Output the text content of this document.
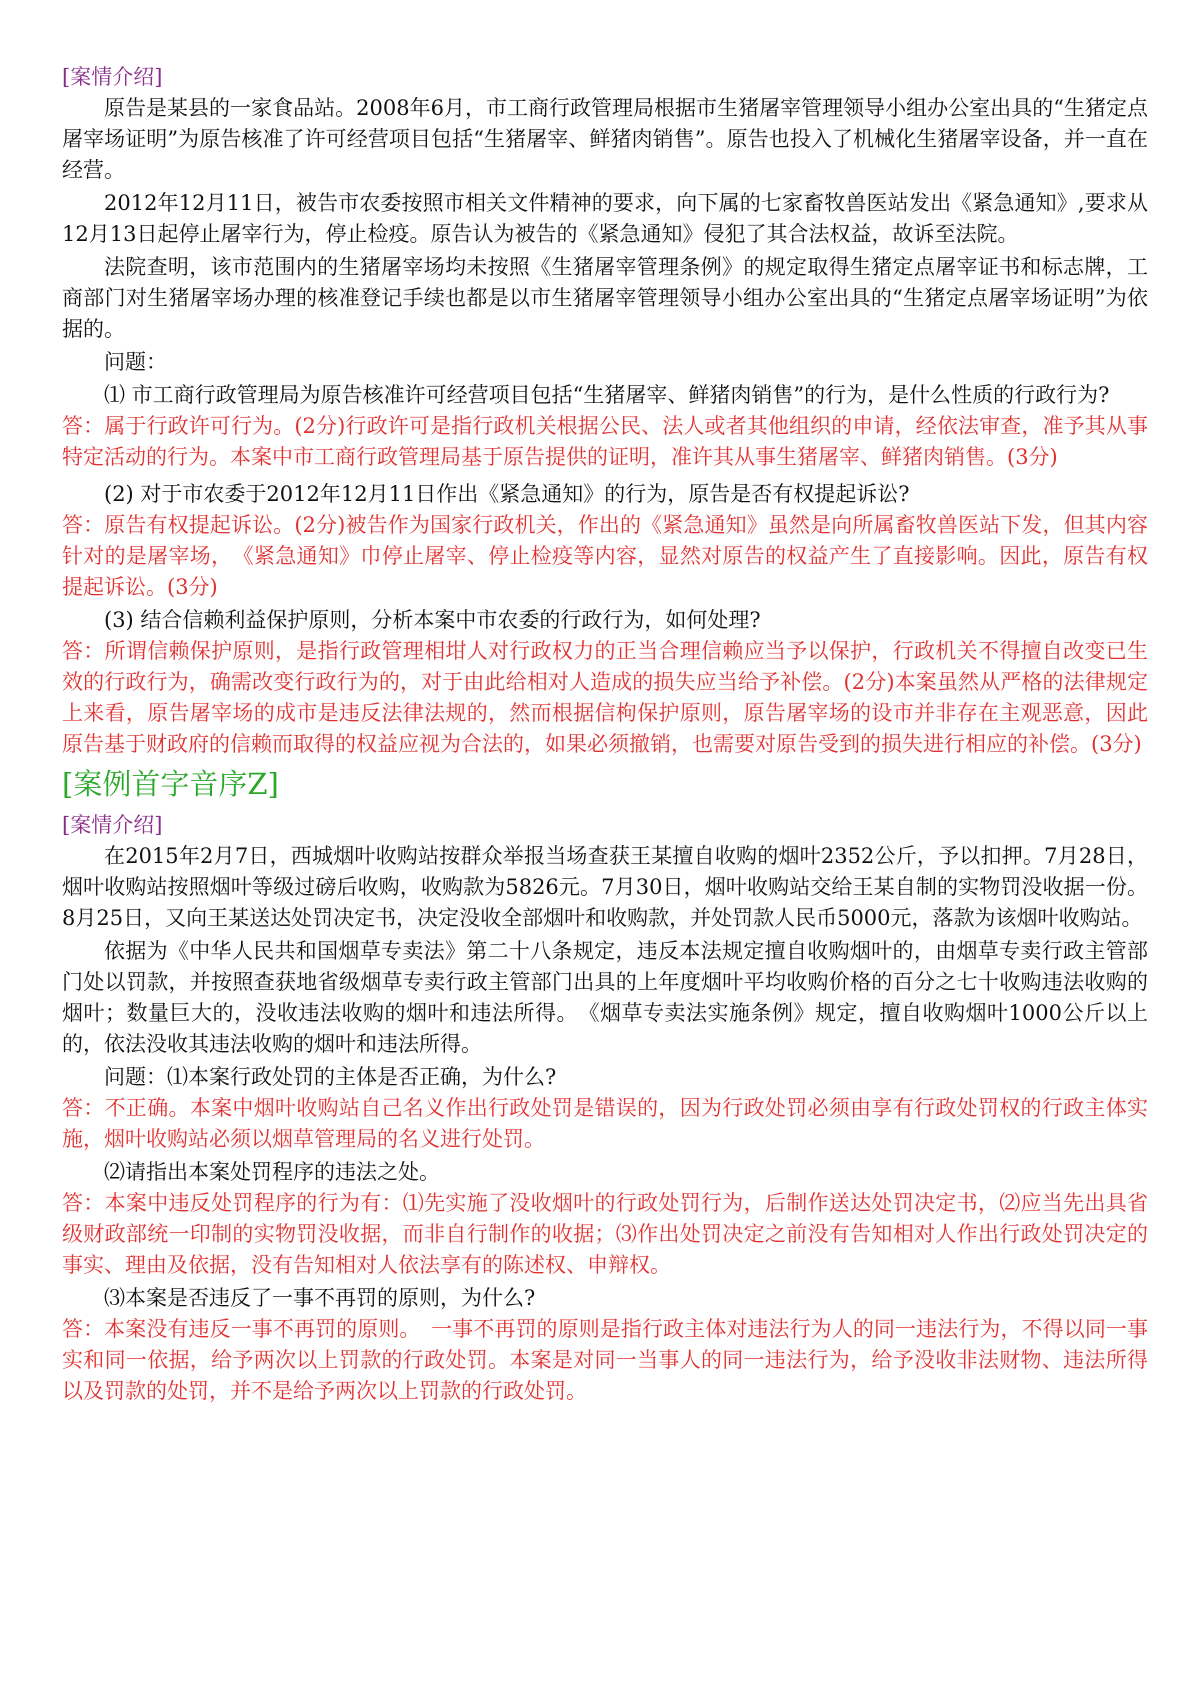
[案情介绍]

原告是某县的一家食品站。2008年6月，市工商行政管理局根据市生猪屠宰管理领导小组办公室出具的“生猪定点屠宰场证明”为原告核准了许可经营项目包括“生猪屠宰、鲜猪肉销售”。原告也投入了机械化生猪屠宰设备，并一直在经营。

2012年12月11日，被告市农委按照市相关文件精神的要求，向下属的七家畜牧兽医站发出《紧急通知》,要求从12月13日起停止屠宰行为，停止检疫。原告认为被告的《紧急通知》侵犯了其合法权益，故诉至法院。

法院查明，该市范围内的生猪屠宰场均未按照《生猪屠宰管理条例》的规定取得生猪定点屠宰证书和标志牌，工商部门对生猪屠宰场办理的核准登记手续也都是以市生猪屠宰管理领导小组办公室出具的“生猪定点屠宰场证明”为依据的。

问题：

⑴ 市工商行政管理局为原告核准许可经营项目包括“生猪屠宰、鲜猪肉销售”的行为，是什么性质的行政行为?

答：属于行政许可行为。(2分)行政许可是指行政机关根据公民、法人或者其他组织的申请，经依法审查，准予其从事特定活动的行为。本案中市工商行政管理局基于原告提供的证明，准许其从事生猪屠宰、鲜猪肉销售。(3分)

(2) 对于市农委于2012年12月11日作出《紧急通知》的行为，原告是否有权提起诉讼?

答：原告有权提起诉讼。(2分)被告作为国家行政机关，作出的《紧急通知》虽然是向所属畜牧兽医站下发，但其内容针对的是屠宰场，　《紧急通知》巾停止屠宰、停止检疫等内容，显然对原告的权益产生了直接影响。因此，原告有权提起诉讼。(3分)

(3) 结合信赖利益保护原则，分析本案中市农委的行政行为，如何处理?

答：所谓信赖保护原则，是指行政管理相坩人对行政权力的正当合理信赖应当予以保护，行政机关不得擅自改变已生效的行政行为，确需改变行政行为的，对于由此给相对人造成的损失应当给予补偿。(2分)本案虽然从严格的法律规定上来看，原告屠宰场的成市是违反法律法规的，然而根据信枸保护原则，原告屠宰场的设市并非存在主观恶意，因此原告基于财政府的信赖而取得的权益应视为合法的，如果必须撤销，也需要对原告受到的损失进行相应的补偿。(3分)

[案例首字音序Z]

[案情介绍]

在2015年2月7日，西城烟叶收购站按群众举报当场查获王某擅自收购的烟叶2352公斤，予以扣押。7月28日，烟叶收购站按照烟叶等级过磅后收购，收购款为5826元。7月30日，烟叶收购站交给王某自制的实物罚没收据一份。8月25日，又向王某送达处罚决定书，决定没收全部烟叶和收购款，并处罚款人民币5000元，落款为该烟叶收购站。

依据为《中华人民共和国烟草专卖法》第二十八条规定，违反本法规定擅自收购烟叶的，由烟草专卖行政主管部门处以罚款，并按照查获地省级烟草专卖行政主管部门出具的上年度烟叶平均收购价格的百分之七十收购违法收购的烟叶；数量巨大的，没收违法收购的烟叶和违法所得。　《烟草专卖法实施条例》规定，擅自收购烟叶1000公斤以上的，依法没收其违法收购的烟叶和违法所得。

问题：⑴本案行政处罚的主体是否正确，为什么?

答：不正确。本案中烟叶收购站自己名义作出行政处罚是错误的，因为行政处罚必须由享有行政处罚权的行政主体实施，烟叶收购站必须以烟草管理局的名义进行处罚。

⑵请指出本案处罚程序的违法之处。

答：本案中违反处罚程序的行为有：⑴先实施了没收烟叶的行政处罚行为，后制作送达处罚决定书，⑵应当先出具省级财政部统一印制的实物罚没收据，而非自行制作的收据；⑶作出处罚决定之前没有告知相对人作出行政处罚决定的事实、理由及依据，没有告知相对人依法享有的陈述权、申辩权。

⑶本案是否违反了一事不再罚的原则，为什么?

答：本案没有违反一事不再罚的原则。　一事不再罚的原则是指行政主体对违法行为人的同一违法行为，不得以同一事实和同一依据，给予两次以上罚款的行政处罚。本案是对同一当事人的同一违法行为，给予没收非法财物、违法所得以及罚款的处罚，并不是给予两次以上罚款的行政处罚。
